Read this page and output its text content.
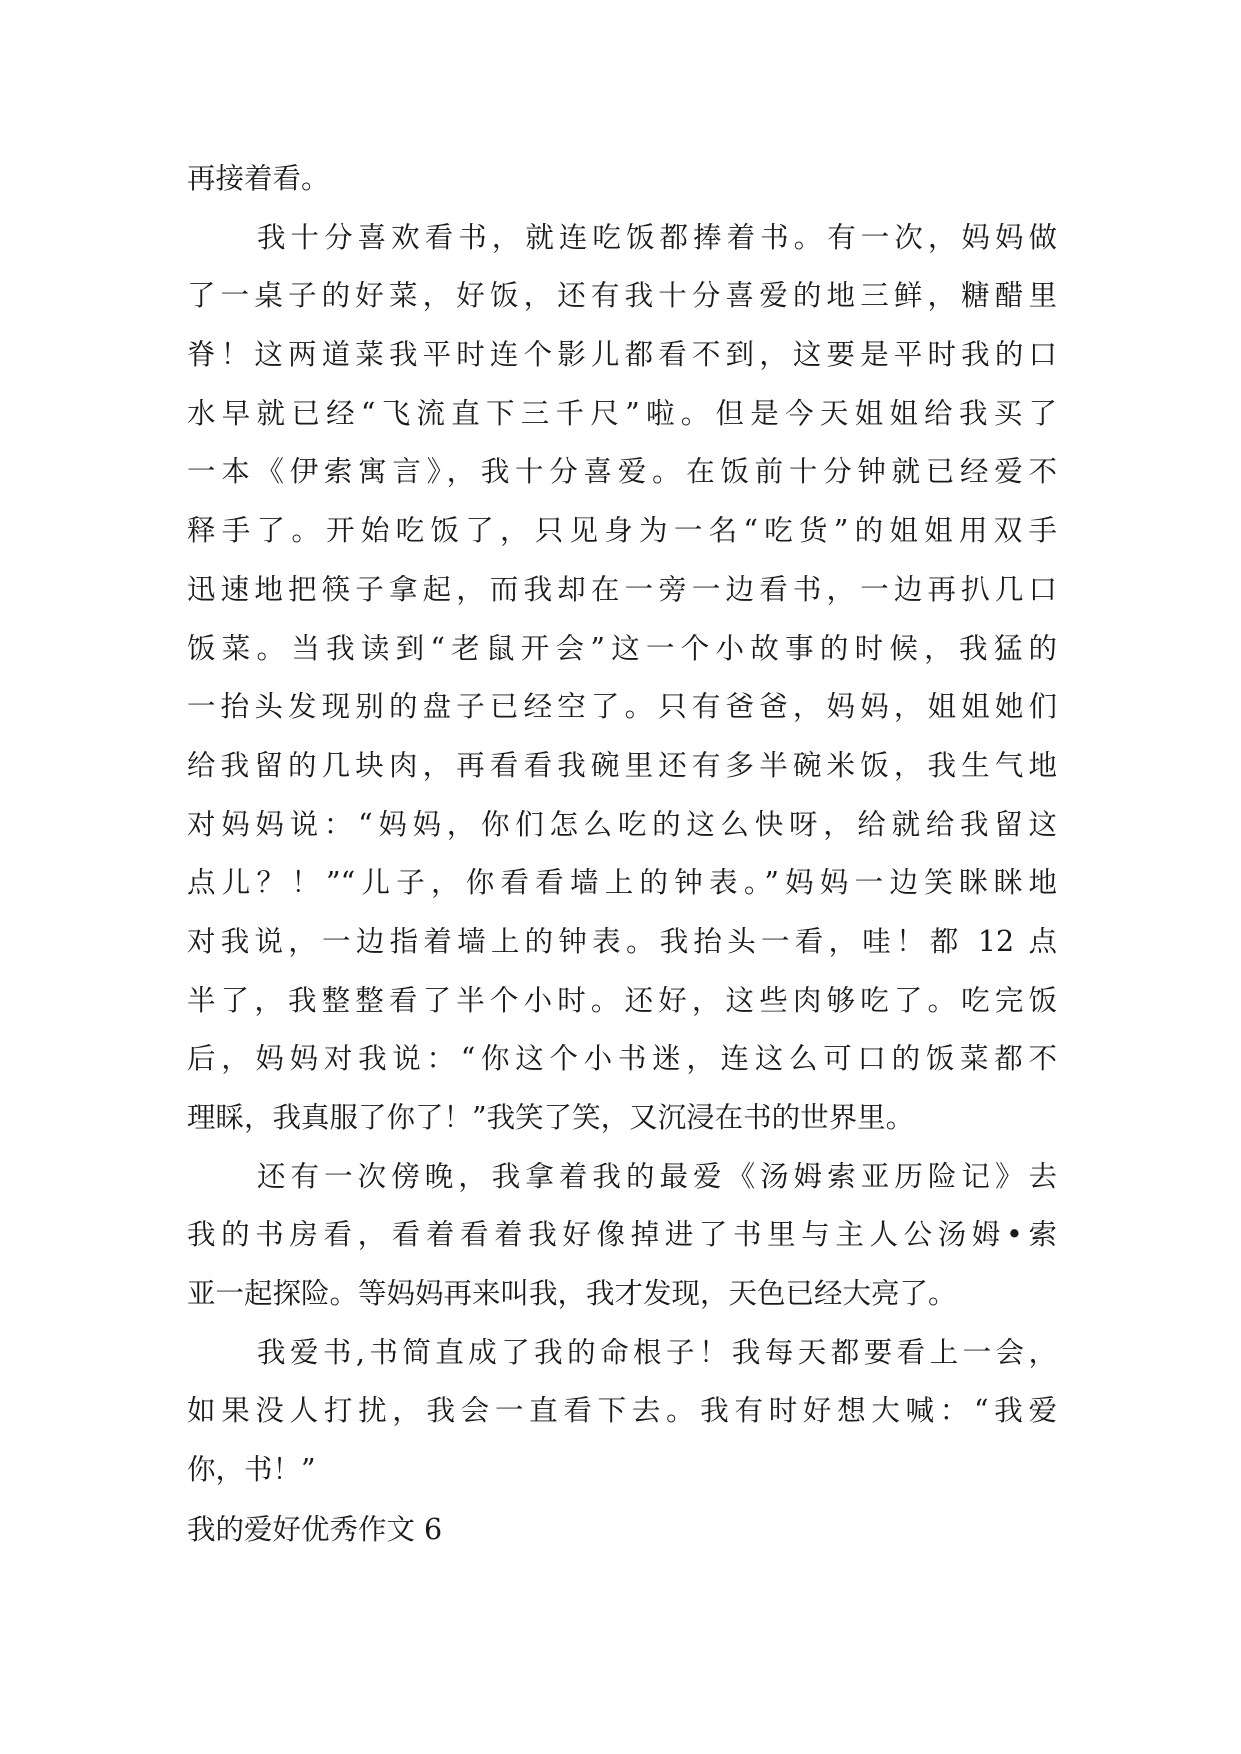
再接着看。
我十分喜欢看书，就连吃饭都捧着书。有一次，妈妈做
了一桌子的好菜，好饭，还有我十分喜爱的地三鲜，糖醋里
脊！这两道菜我平时连个影儿都看不到，这要是平时我的口
水早就已经“飞流直下三千尺”啦。但是今天姐姐给我买了
一本《伊索寓言》，我十分喜爱。在饭前十分钟就已经爱不
释手了。开始吃饭了，只见身为一名“吃货”的姐姐用双手
迅速地把筷子拿起，而我却在一旁一边看书，一边再扒几口
饭菜。当我读到“老鼠开会”这一个小故事的时候，我猛的
一抬头发现别的盘子已经空了。只有爸爸，妈妈，姐姐她们
给我留的几块肉，再看看我碗里还有多半碗米饭，我生气地
对妈妈说：“妈妈，你们怎么吃的这么快呀，给就给我留这
点儿？！”“儿子，你看看墙上的钟表。”妈妈一边笑眯眯地
对我说，一边指着墙上的钟表。我抬头一看，哇！都 12 点
半了，我整整看了半个小时。还好，这些肉够吃了。吃完饭
后，妈妈对我说：“你这个小书迷，连这么可口的饭菜都不
理睬，我真服了你了！”我笑了笑，又沉浸在书的世界里。
还有一次傍晚，我拿着我的最爱《汤姆索亚历险记》去
我的书房看，看着看着我好像掉进了书里与主人公汤姆•索
亚一起探险。等妈妈再来叫我，我才发现，天色已经大亮了。
我爱书,书简直成了我的命根子！我每天都要看上一会，
如果没人打扰，我会一直看下去。我有时好想大喊：“我爱
你，书！”
我的爱好优秀作文 6
